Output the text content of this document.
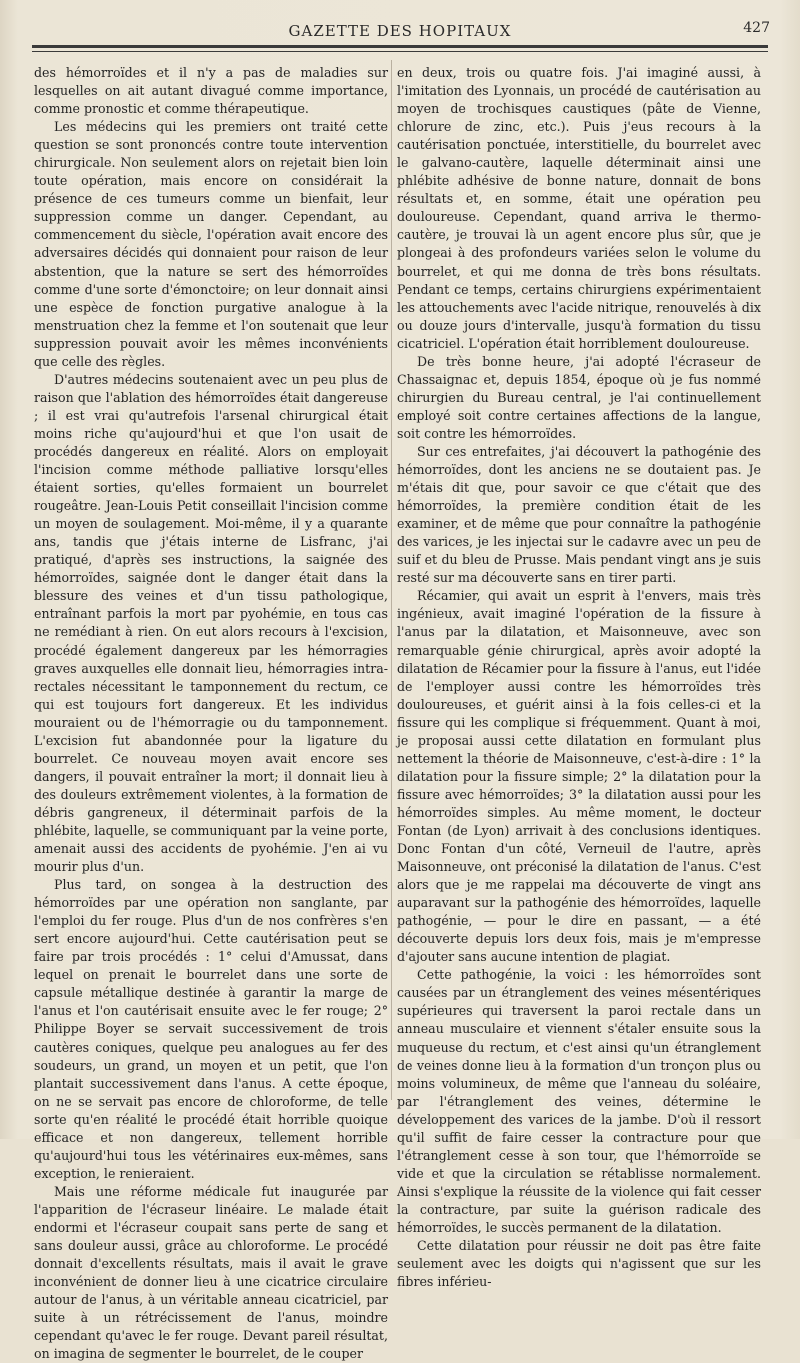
GAZETTE DES HOPITAUX	427

des hémorroïdes et il n'y a pas de maladies sur lesquelles on ait autant divagué comme importance, comme pronostic et comme thérapeutique.

Les médecins qui les premiers ont traité cette question se sont prononcés contre toute intervention chirurgicale. Non seulement alors on rejetait bien loin toute opération, mais encore on considérait la présence de ces tumeurs comme un bienfait, leur suppression comme un danger. Cependant, au commencement du siècle, l'opération avait encore des adversaires décidés qui donnaient pour raison de leur abstention, que la nature se sert des hémorroïdes comme d'une sorte d'émonctoire; on leur donnait ainsi une espèce de fonction purgative analogue à la menstruation chez la femme et l'on soutenait que leur suppression pouvait avoir les mêmes inconvénients que celle des règles.

D'autres médecins soutenaient avec un peu plus de raison que l'ablation des hémorroïdes était dangereuse ; il est vrai qu'autrefois l'arsenal chirurgical était moins riche qu'aujourd'hui et que l'on usait de procédés dangereux en réalité. Alors on employait l'incision comme méthode palliative lorsqu'elles étaient sorties, qu'elles formaient un bourrelet rougeâtre. Jean-Louis Petit conseillait l'incision comme un moyen de soulagement. Moi-même, il y a quarante ans, tandis que j'étais interne de Lisfranc, j'ai pratiqué, d'après ses instructions, la saignée des hémorroïdes, saignée dont le danger était dans la blessure des veines et d'un tissu pathologique, entraînant parfois la mort par pyohémie, en tous cas ne remédiant à rien. On eut alors recours à l'excision, procédé également dangereux par les hémorragies graves auxquelles elle donnait lieu, hémorragies intra-rectales nécessitant le tamponnement du rectum, ce qui est toujours fort dangereux. Et les individus mouraient ou de l'hémorragie ou du tamponnement. L'excision fut abandonnée pour la ligature du bourrelet. Ce nouveau moyen avait encore ses dangers, il pouvait entraîner la mort; il donnait lieu à des douleurs extrêmement violentes, à la formation de débris gangreneux, il déterminait parfois de la phlébite, laquelle, se communiquant par la veine porte, amenait aussi des accidents de pyohémie. J'en ai vu mourir plus d'un.

Plus tard, on songea à la destruction des hémorroïdes par une opération non sanglante, par l'emploi du fer rouge. Plus d'un de nos confrères s'en sert encore aujourd'hui. Cette cautérisation peut se faire par trois procédés : 1° celui d'Amussat, dans lequel on prenait le bourrelet dans une sorte de capsule métallique destinée à garantir la marge de l'anus et l'on cautérisait ensuite avec le fer rouge; 2° Philippe Boyer se servait successivement de trois cautères coniques, quelque peu analogues au fer des soudeurs, un grand, un moyen et un petit, que l'on plantait successivement dans l'anus. A cette époque, on ne se servait pas encore de chloroforme, de telle sorte qu'en réalité le procédé était horrible quoique efficace et non dangereux, tellement horrible qu'aujourd'hui tous les vétérinaires eux-mêmes, sans exception, le renieraient.

Mais une réforme médicale fut inaugurée par l'apparition de l'écraseur linéaire. Le malade était endormi et l'écraseur coupait sans perte de sang et sans douleur aussi, grâce au chloroforme. Le procédé donnait d'excellents résultats, mais il avait le grave inconvénient de donner lieu à une cicatrice circulaire autour de l'anus, à un véritable anneau cicatriciel, par suite à un rétrécissement de l'anus, moindre cependant qu'avec le fer rouge. Devant pareil résultat, on imagina de segmenter le bourrelet, de le couper

en deux, trois ou quatre fois. J'ai imaginé aussi, à l'imitation des Lyonnais, un procédé de cautérisation au moyen de trochisques caustiques (pâte de Vienne, chlorure de zinc, etc.). Puis j'eus recours à la cautérisation ponctuée, interstitielle, du bourrelet avec le galvano-cautère, laquelle déterminait ainsi une phlébite adhésive de bonne nature, donnait de bons résultats et, en somme, était une opération peu douloureuse. Cependant, quand arriva le thermo-cautère, je trouvai là un agent encore plus sûr, que je plongeai à des profondeurs variées selon le volume du bourrelet, et qui me donna de très bons résultats. Pendant ce temps, certains chirurgiens expérimentaient les attouchements avec l'acide nitrique, renouvelés à dix ou douze jours d'intervalle, jusqu'à formation du tissu cicatriciel. L'opération était horriblement douloureuse.

De très bonne heure, j'ai adopté l'écraseur de Chassaignac et, depuis 1854, époque où je fus nommé chirurgien du Bureau central, je l'ai continuellement employé soit contre certaines affections de la langue, soit contre les hémorroïdes.

Sur ces entrefaites, j'ai découvert la pathogénie des hémorroïdes, dont les anciens ne se doutaient pas. Je m'étais dit que, pour savoir ce que c'était que des hémorroïdes, la première condition était de les examiner, et de même que pour connaître la pathogénie des varices, je les injectai sur le cadavre avec un peu de suif et du bleu de Prusse. Mais pendant vingt ans je suis resté sur ma découverte sans en tirer parti.

Récamier, qui avait un esprit à l'envers, mais très ingénieux, avait imaginé l'opération de la fissure à l'anus par la dilatation, et Maisonneuve, avec son remarquable génie chirurgical, après avoir adopté la dilatation de Récamier pour la fissure à l'anus, eut l'idée de l'employer aussi contre les hémorroïdes très douloureuses, et guérit ainsi à la fois celles-ci et la fissure qui les complique si fréquemment. Quant à moi, je proposai aussi cette dilatation en formulant plus nettement la théorie de Maisonneuve, c'est-à-dire : 1° la dilatation pour la fissure simple; 2° la dilatation pour la fissure avec hémorroïdes; 3° la dilatation aussi pour les hémorroïdes simples. Au même moment, le docteur Fontan (de Lyon) arrivait à des conclusions identiques. Donc Fontan d'un côté, Verneuil de l'autre, après Maisonneuve, ont préconisé la dilatation de l'anus. C'est alors que je me rappelai ma découverte de vingt ans auparavant sur la pathogénie des hémorroïdes, laquelle pathogénie, — pour le dire en passant, — a été découverte depuis lors deux fois, mais je m'empresse d'ajouter sans aucune intention de plagiat.

Cette pathogénie, la voici : les hémorroïdes sont causées par un étranglement des veines mésentériques supérieures qui traversent la paroi rectale dans un anneau musculaire et viennent s'étaler ensuite sous la muqueuse du rectum, et c'est ainsi qu'un étranglement de veines donne lieu à la formation d'un tronçon plus ou moins volumineux, de même que l'anneau du soléaire, par l'étranglement des veines, détermine le développement des varices de la jambe. D'où il ressort qu'il suffit de faire cesser la contracture pour que l'étranglement cesse à son tour, que l'hémorroïde se vide et que la circulation se rétablisse normalement. Ainsi s'explique la réussite de la violence qui fait cesser la contracture, par suite la guérison radicale des hémorroïdes, le succès permanent de la dilatation.

Cette dilatation pour réussir ne doit pas être faite seulement avec les doigts qui n'agissent que sur les fibres inférieu-
